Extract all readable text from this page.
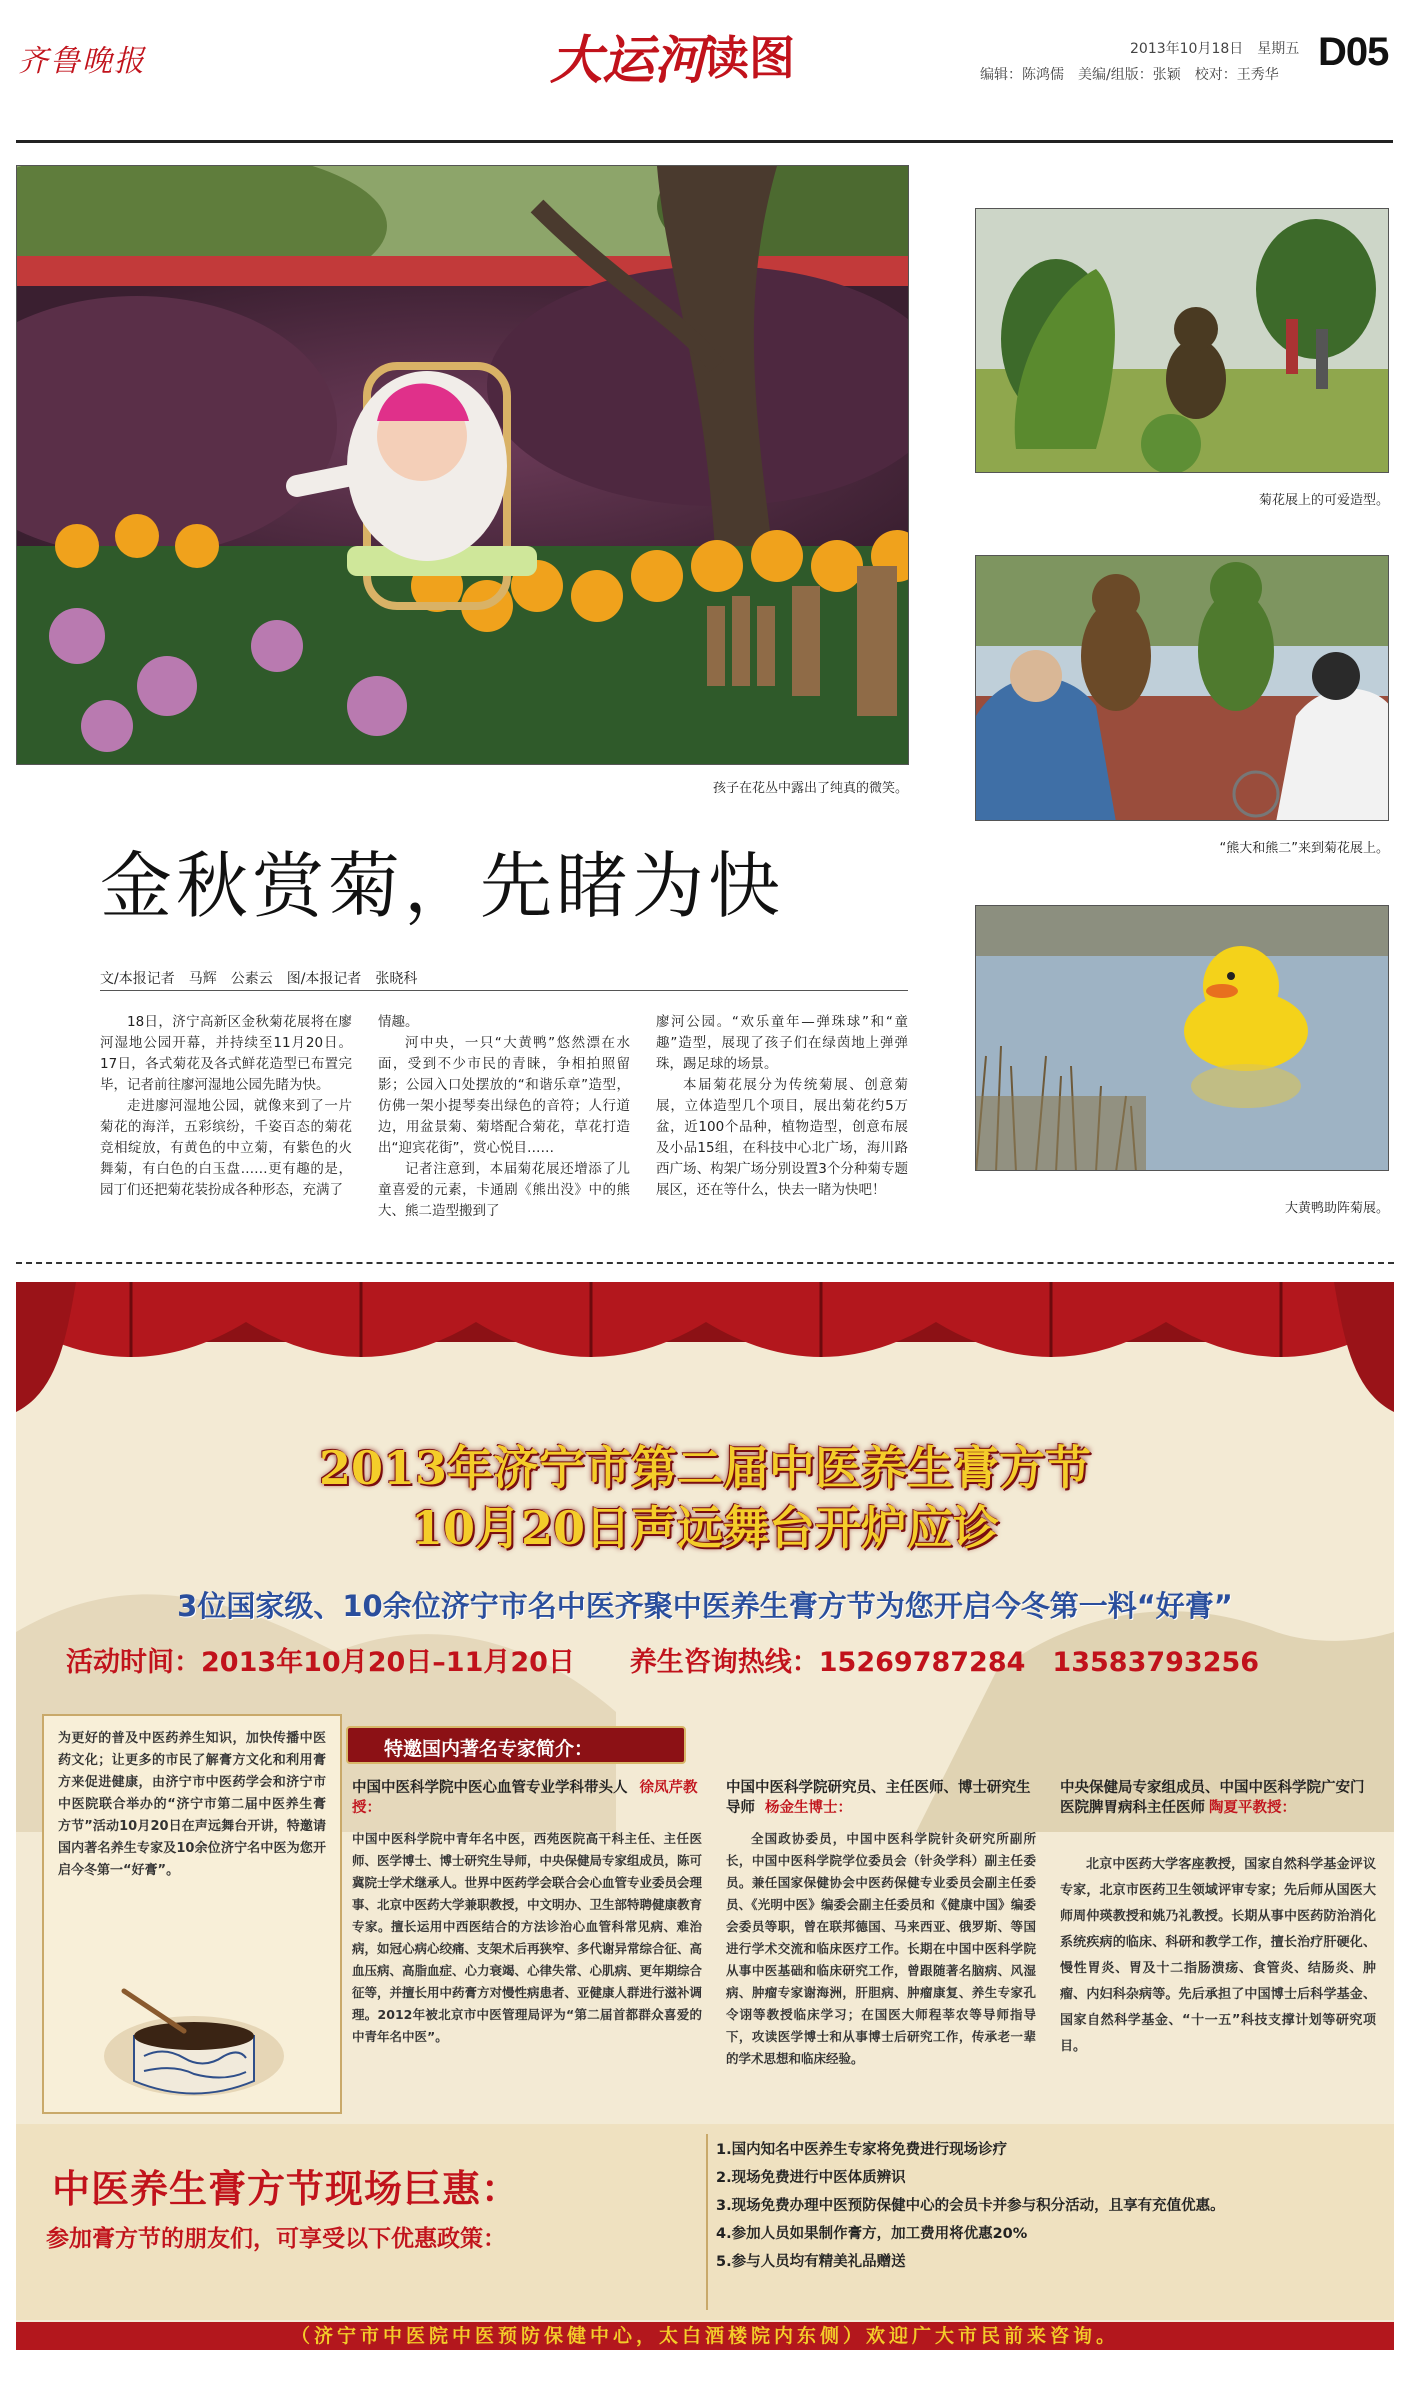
齐鲁晚报	大运河
读图	2013年10月18日　 星期五 D05
编辑：陈鸿儒　美编/组版：张颖　校对：王秀华
孩子在花丛中露出了纯真的微笑。
菊花展上的可爱造型。
“熊大和熊二”来到菊花展上。
大黄鸭助阵菊展。
金秋赏菊，先睹为快
文/本报记者　马辉　公素云　图/本报记者　张晓科

18日，济宁高新区金秋菊花展将在廖河湿地公园开幕，并持续至11月20日。17日，各式菊花及各式鲜花造型已布置完毕，记者前往廖河湿地公园先睹为快。

走进廖河湿地公园，就像来到了一片菊花的海洋，五彩缤纷，千姿百态的菊花竞相绽放，有黄色的中立菊，有紫色的火舞菊，有白色的白玉盘……更有趣的是，园丁们还把菊花装扮成各种形态，充满了

情趣。

河中央，一只“大黄鸭”悠然漂在水面，受到不少市民的青睐，争相拍照留影；公园入口处摆放的“和谐乐章”造型，仿佛一架小提琴奏出绿色的音符；人行道边，用盆景菊、菊塔配合菊花，草花打造出“迎宾花街”，赏心悦目……

记者注意到，本届菊花展还增添了儿童喜爱的元素，卡通剧《熊出没》中的熊大、熊二造型搬到了

廖河公园。“欢乐童年—弹珠球”和“童趣”造型，展现了孩子们在绿茵地上弹弹珠，踢足球的场景。

本届菊花展分为传统菊展、创意菊展，立体造型几个项目，展出菊花约5万盆，近100个品种，植物造型，创意布展及小品15组，在科技中心北广场，海川路西广场、构架广场分别设置3个分种菊专题展区，还在等什么，快去一睹为快吧！

2013年济宁市第二届中医养生膏方节
10月20日声远舞台开炉应诊
3位国家级、10余位济宁市名中医齐聚中医养生膏方节为您开启今冬第一料“好膏”
活动时间：2013年10月20日–11月20日 养生咨询热线：15269787284　13583793256
为更好的普及中医药养生知识，加快传播中医药文化；让更多的市民了解膏方文化和利用膏方来促进健康，由济宁市中医药学会和济宁市中医院联合举办的“济宁市第二届中医养生膏方节”活动10月20日在声远舞台开讲，特邀请国内著名养生专家及10余位济宁名中医为您开启今冬第一“好膏”。
特邀国内著名专家简介：
中国中医科学院中医心血管专业学科带头人 徐凤芹教授：
中国中医科学院中青年名中医，西苑医院高干科主任、主任医师、医学博士、博士研究生导师，中央保健局专家组成员，陈可冀院士学术继承人。世界中医药学会联合会心血管专业委员会理事、北京中医药大学兼职教授，中文明办、卫生部特聘健康教育专家。擅长运用中西医结合的方法诊治心血管科常见病、难治病，如冠心病心绞痛、支架术后再狭窄、多代谢异常综合征、高血压病、高脂血症、心力衰竭、心律失常、心肌病、更年期综合征等，并擅长用中药膏方对慢性病患者、亚健康人群进行滋补调理。2012年被北京市中医管理局评为“第二届首都群众喜爱的中青年名中医”。
中国中医科学院研究员、主任医师、博士研究生导师 杨金生博士：
全国政协委员，中国中医科学院针灸研究所副所长，中国中医科学院学位委员会（针灸学科）副主任委员。兼任国家保健协会中医药保健专业委员会副主任委员、《光明中医》编委会副主任委员和《健康中国》编委会委员等职，曾在联邦德国、马来西亚、俄罗斯、等国进行学术交流和临床医疗工作。长期在中国中医科学院从事中医基础和临床研究工作，曾跟随著名脑病、风湿病、肿瘤专家谢海洲，肝胆病、肿瘤康复、养生专家孔令诩等教授临床学习；在国医大师程莘农等导师指导下，攻读医学博士和从事博士后研究工作，传承老一辈的学术思想和临床经验。
中央保健局专家组成员、中国中医科学院广安门医院脾胃病科主任医师 陶夏平教授：
北京中医药大学客座教授，国家自然科学基金评议专家，北京市医药卫生领域评审专家；先后师从国医大师周仲瑛教授和姚乃礼教授。长期从事中医药防治消化系统疾病的临床、科研和教学工作，擅长治疗肝硬化、慢性胃炎、胃及十二指肠溃疡、食管炎、结肠炎、肿瘤、内妇科杂病等。先后承担了中国博士后科学基金、国家自然科学基金、“十一五”科技支撑计划等研究项目。
中医养生膏方节现场巨惠：
参加膏方节的朋友们，可享受以下优惠政策：
1.国内知名中医养生专家将免费进行现场诊疗
2.现场免费进行中医体质辨识
3.现场免费办理中医预防保健中心的会员卡并参与积分活动，且享有充值优惠。
4.参加人员如果制作膏方，加工费用将优惠20%
5.参与人员均有精美礼品赠送
（济宁市中医院中医预防保健中心，太白酒楼院内东侧）欢迎广大市民前来咨询。
